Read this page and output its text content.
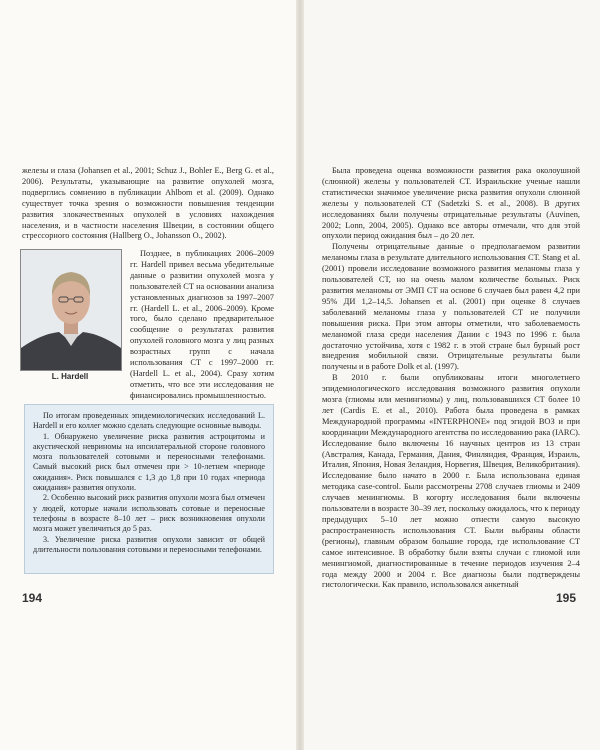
железы и глаза (Johansen et al., 2001; Schuz J., Bohler E., Berg G. et al., 2006). Результаты, указывающие на развитие опухолей мозга, подверглись сомнению в публикации Ahlbom et al. (2009). Однако существует точка зрения о возможности повышения тенденции развития злокачественных опухолей в условиях нахождения населения, и в частности населения Швеции, в состоянии общего стрессорного состояния (Hallberg O., Johansson O., 2002).

L. Hardell

Позднее, в публикациях 2006–2009 гг. Hardell привел весьма убедительные данные о развитии опухолей мозга у пользователей СТ на основании анализа установленных диагнозов за 1997–2007 гг. (Hardell L. et al., 2006–2009). Кроме того, было сделано предварительное сообщение о результатах развития опухолей головного мозга у лиц разных возрастных групп с начала использования СТ с 1997–2000 гг. (Hardell L. et al., 2004). Сразу хотим отметить, что все эти исследования не финансировались промышленностью.

По итогам проведенных эпидемиологических исследований L. Hardell и его коллег можно сделать следующие основные выводы.

1. Обнаружено увеличение риска развития астроцитомы и акустической невриномы на ипсилатеральной стороне головного мозга пользователей сотовыми и переносными телефонами. Самый высокий риск был отмечен при > 10-летнем «периоде ожидания». Риск повышался с 1,3 до 1,8 при 10 годах «периода ожидания» развития опухоли.

2. Особенно высокий риск развития опухоли мозга был отмечен у людей, которые начали использовать сотовые и переносные телефоны в возрасте 8–10 лет – риск возникновения опухоли мозга может увеличиться до 5 раз.

3. Увеличение риска развития опухоли зависит от общей длительности пользования сотовыми и переносными телефонами.

194

Была проведена оценка возможности развития рака околоушной (слюнной) железы у пользователей СТ. Израильские ученые нашли статистически значимое увеличение риска развития опухоли слюнной железы у пользователей СТ (Sadetzki S. et al., 2008). В других исследованиях были получены отрицательные результаты (Auvinen, 2002; Lonn, 2004, 2005). Однако все авторы отмечали, что для этой опухоли период ожидания был – до 20 лет.

Получены отрицательные данные о предполагаемом развитии меланомы глаза в результате длительного использования СТ. Stang et al. (2001) провели исследование возможного развития меланомы глаза у пользователей СТ, но на очень малом количестве больных. Риск развития меланомы от ЭМП СТ на основе 6 случаев был равен 4,2 при 95% ДИ 1,2–14,5. Johansen et al. (2001) при оценке 8 случаев заболеваний меланомы глаза у пользователей СТ не получили повышения риска. При этом авторы отметили, что заболеваемость меланомой глаза среди населения Дании с 1943 по 1996 г. была достаточно устойчива, хотя с 1982 г. в этой стране был бурный рост внедрения мобильной связи. Отрицательные результаты были получены и в работе Dolk et al. (1997).

В 2010 г. были опубликованы итоги многолетнего эпидемиологического исследования возможного развития опухоли мозга (глиомы или менингиомы) у лиц, пользовавшихся СТ более 10 лет (Cardis E. et al., 2010). Работа была проведена в рамках Международной программы «INTERPHONE» под эгидой ВОЗ и при координации Международного агентства по исследованию рака (IARC). Исследование было включены 16 научных центров из 13 стран (Австралия, Канада, Германия, Дания, Финляндия, Франция, Израиль, Италия, Япония, Новая Зеландия, Норвегия, Швеция, Великобритания). Исследование было начато в 2000 г. Была использована единая методика case-control. Были рассмотрены 2708 случаев глиомы и 2409 случаев менингиомы. В когорту исследования были включены пользователи в возрасте 30–39 лет, поскольку ожидалось, что к периоду предыдущих 5–10 лет можно отнести самую высокую распространенность использования СТ. Были выбраны области (регионы), главным образом большие города, где использование СТ самое интенсивное. В обработку были взяты случаи с глиомой или менингиомой, диагностированные в течение периодов изучения 2–4 года между 2000 и 2004 г. Все диагнозы были подтверждены гистологически. Как правило, использовался анкетный

195
